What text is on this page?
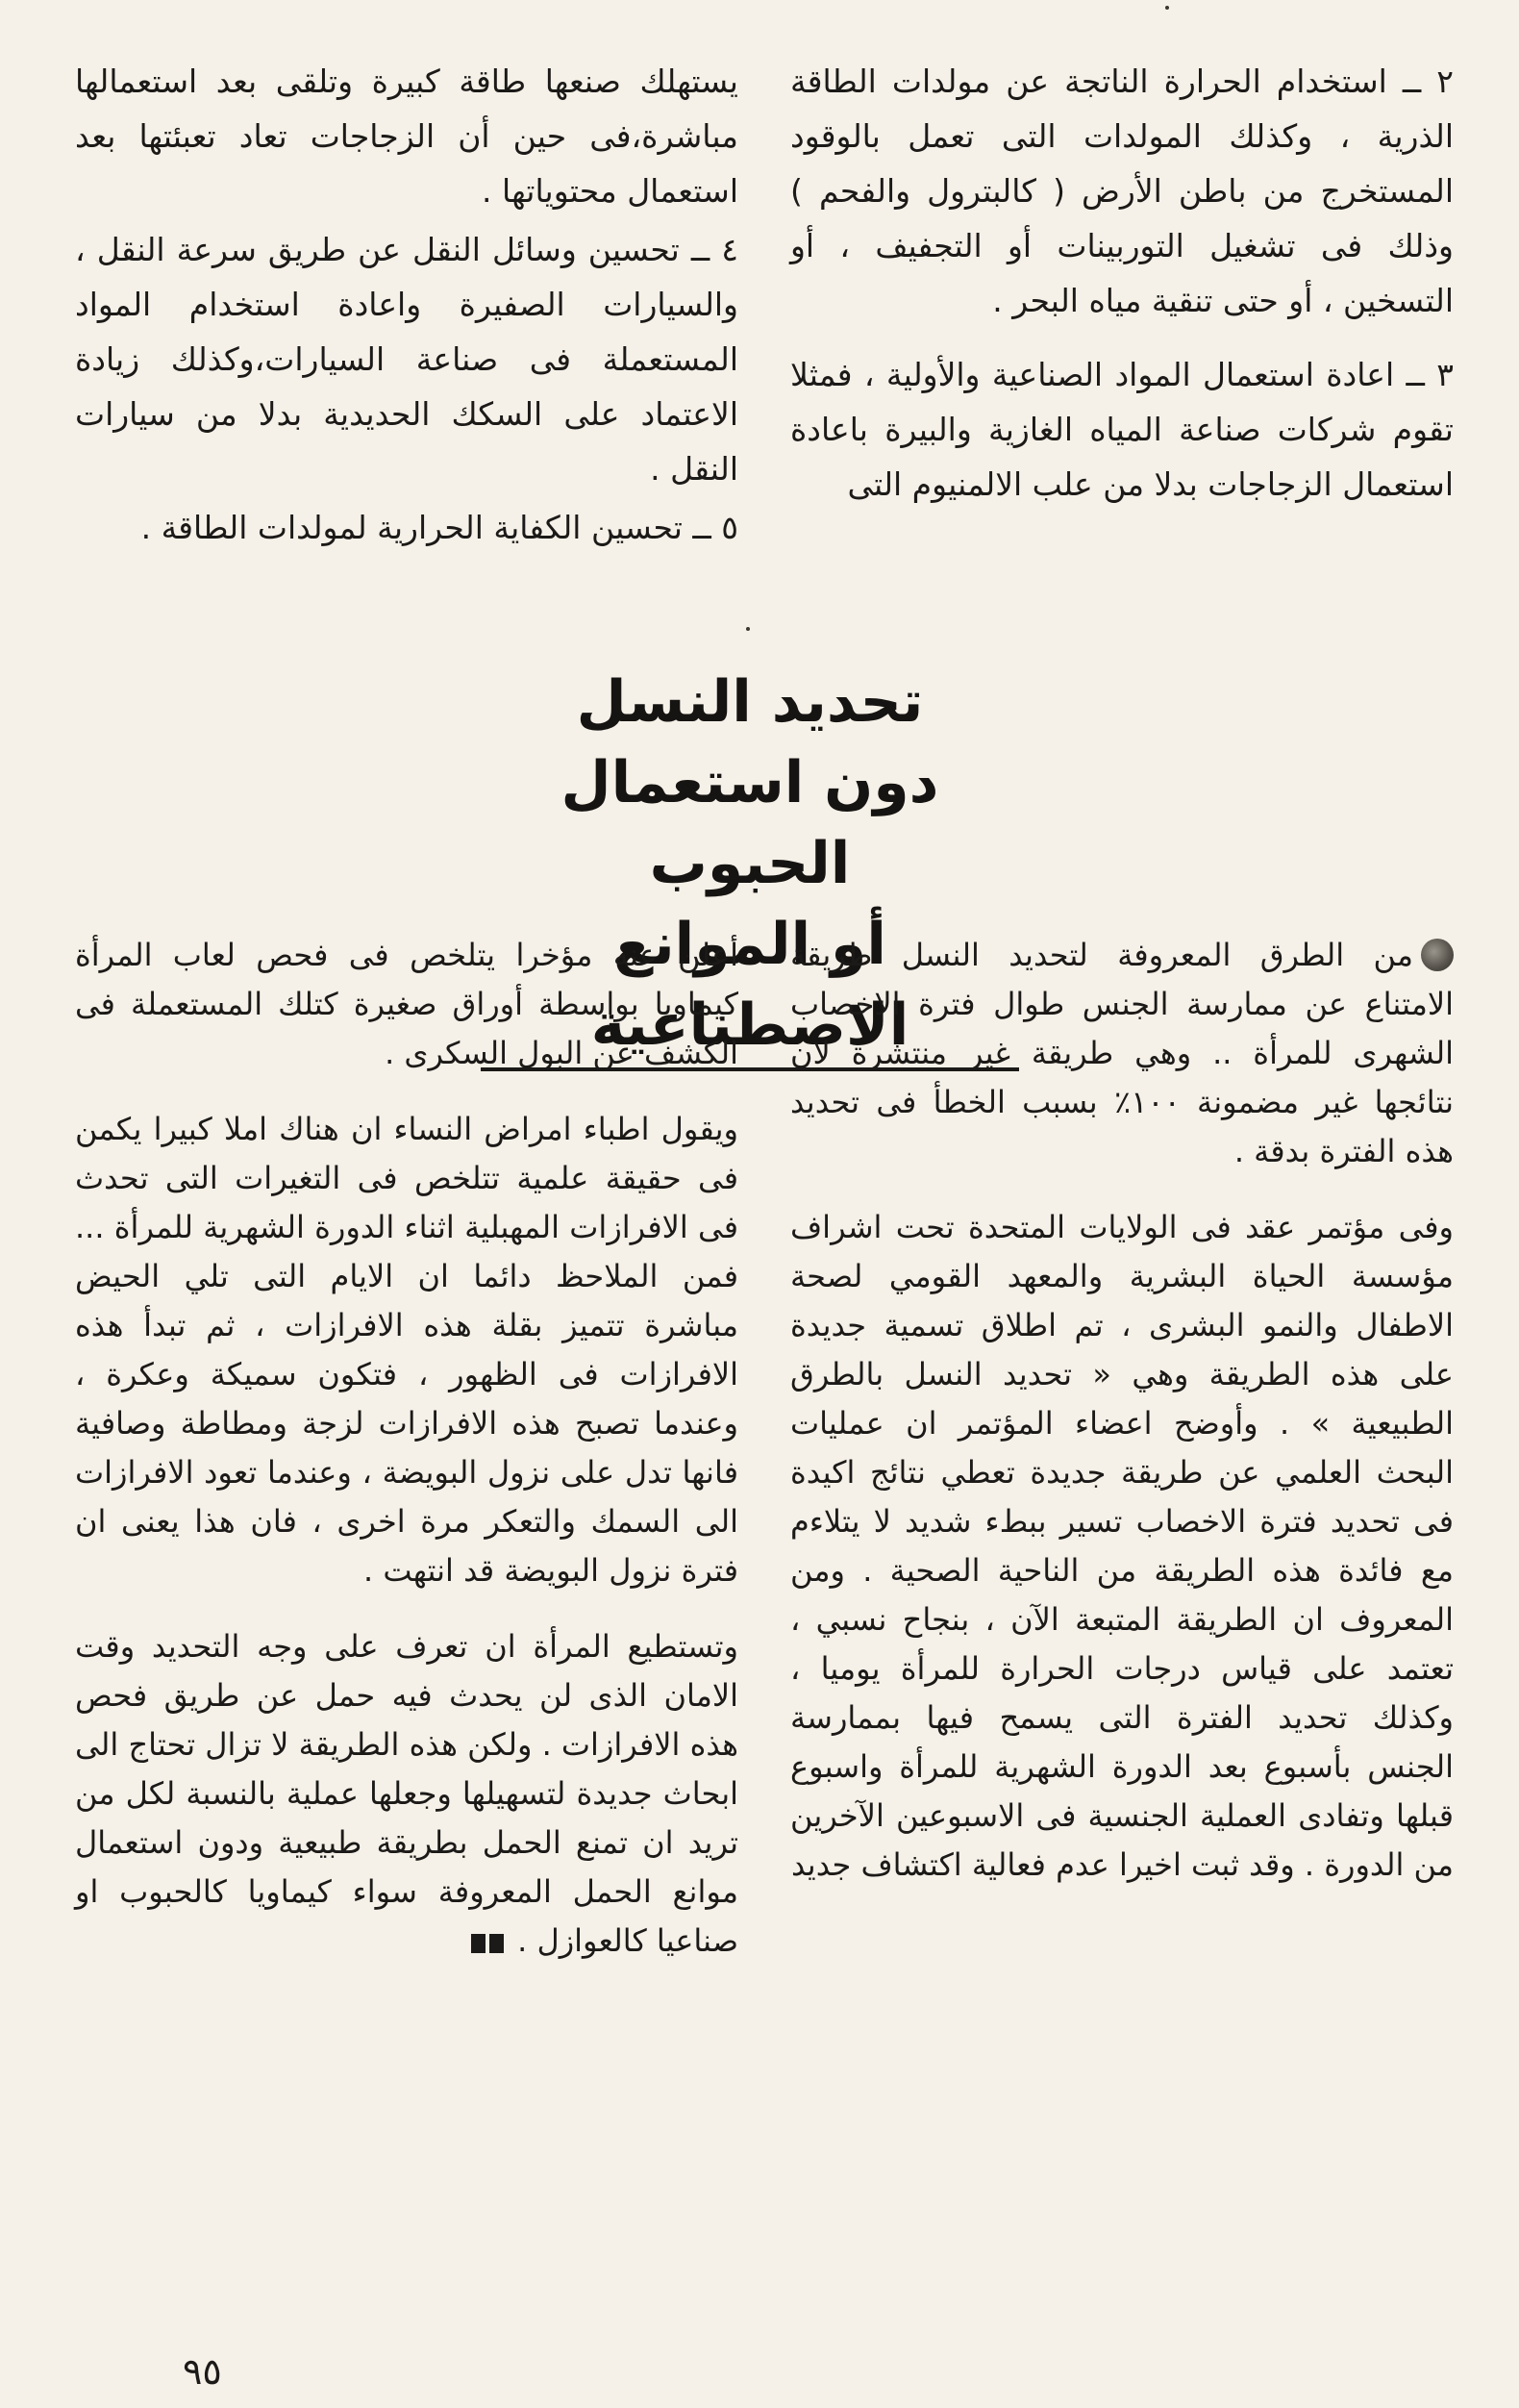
٢ ــ استخدام الحرارة الناتجة عن مولدات الطاقة الذرية ، وكذلك المولدات التى تعمل بالوقود المستخرج من باطن الأرض ( كالبترول والفحم ) وذلك فى تشغيل التوربينات أو التجفيف ، أو التسخين ، أو حتى تنقية مياه البحر .

٣ ــ اعادة استعمال المواد الصناعية والأولية ، فمثلا تقوم شركات صناعة المياه الغازية والبيرة باعادة استعمال الزجاجات بدلا من علب الالمنيوم التى

يستهلك صنعها طاقة كبيرة وتلقى بعد استعمالها مباشرة،فى حين أن الزجاجات تعاد تعبئتها بعد استعمال محتوياتها .

٤ ــ تحسين وسائل النقل عن طريق سرعة النقل ، والسيارات الصفيرة واعادة استخدام المواد المستعملة فى صناعة السيارات،وكذلك زيادة الاعتماد على السكك الحديدية بدلا من سيارات النقل .

٥ ــ تحسين الكفاية الحرارية لمولدات الطاقة .

تحديد النسل
دون استعمال الحبوب
أو الموانع الاصطناعية

من الطرق المعروفة لتحديد النسل طريقة الامتناع عن ممارسة الجنس طوال فترة الاخصاب الشهرى للمرأة .. وهي طريقة غير منتشرة لان نتائجها غير مضمونة ١٠٠٪ بسبب الخطأ فى تحديد هذه الفترة بدقة .

وفى مؤتمر عقد فى الولايات المتحدة تحت اشراف مؤسسة الحياة البشرية والمعهد القومي لصحة الاطفال والنمو البشرى ، تم اطلاق تسمية جديدة على هذه الطريقة وهي « تحديد النسل بالطرق الطبيعية » . وأوضح اعضاء المؤتمر ان عمليات البحث العلمي عن طريقة جديدة تعطي نتائج اكيدة فى تحديد فترة الاخصاب تسير ببطء شديد لا يتلاءم مع فائدة هذه الطريقة من الناحية الصحية . ومن المعروف ان الطريقة المتبعة الآن ، بنجاح نسبي ، تعتمد على قياس درجات الحرارة للمرأة يوميا ، وكذلك تحديد الفترة التى يسمح فيها بممارسة الجنس بأسبوع بعد الدورة الشهرية للمرأة واسبوع قبلها وتفادى العملية الجنسية فى الاسبوعين الآخرين من الدورة . وقد ثبت اخيرا عدم فعالية اكتشاف جديد

أعلن عنه مؤخرا يتلخص فى فحص لعاب المرأة كيماويا بواسطة أوراق صغيرة كتلك المستعملة فى الكشف عن البول السكرى .

ويقول اطباء امراض النساء ان هناك املا كبيرا يكمن فى حقيقة علمية تتلخص فى التغيرات التى تحدث فى الافرازات المهبلية اثناء الدورة الشهرية للمرأة ... فمن الملاحظ دائما ان الايام التى تلي الحيض مباشرة تتميز بقلة هذه الافرازات ، ثم تبدأ هذه الافرازات فى الظهور ، فتكون سميكة وعكرة ، وعندما تصبح هذه الافرازات لزجة ومطاطة وصافية فانها تدل على نزول البويضة ، وعندما تعود الافرازات الى السمك والتعكر مرة اخرى ، فان هذا يعنى ان فترة نزول البويضة قد انتهت .

وتستطيع المرأة ان تعرف على وجه التحديد وقت الامان الذى لن يحدث فيه حمل عن طريق فحص هذه الافرازات . ولكن هذه الطريقة لا تزال تحتاج الى ابحاث جديدة لتسهيلها وجعلها عملية بالنسبة لكل من تريد ان تمنع الحمل بطريقة طبيعية ودون استعمال موانع الحمل المعروفة سواء كيماويا كالحبوب او صناعيا كالعوازل .

٩٥
